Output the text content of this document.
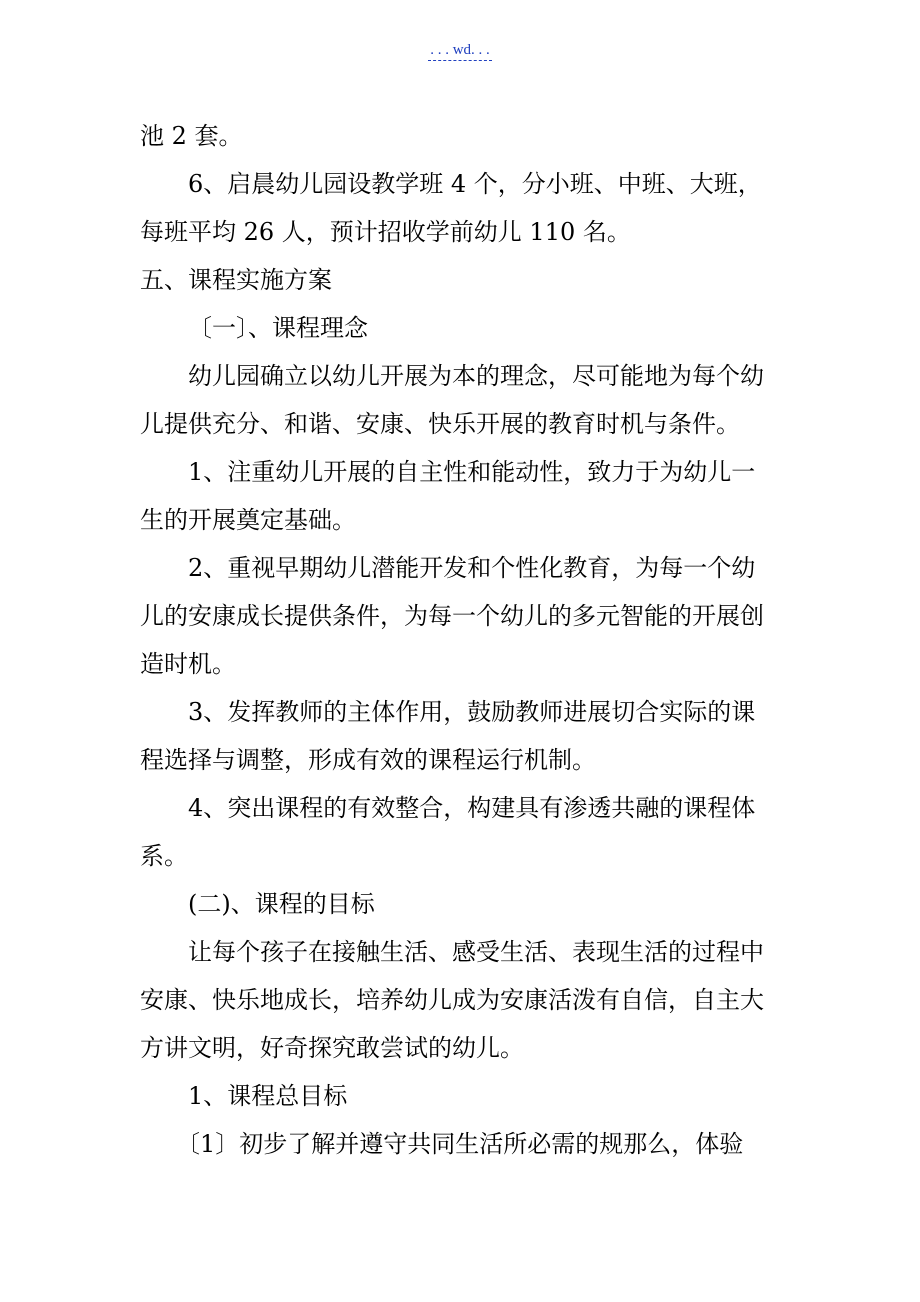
. . . wd. . .
池 2 套。
6、启晨幼儿园设教学班 4 个，分小班、中班、大班，
每班平均 26 人，预计招收学前幼儿 110 名。
五、课程实施方案
〔一〕、课程理念
幼儿园确立以幼儿开展为本的理念，尽可能地为每个幼
儿提供充分、和谐、安康、快乐开展的教育时机与条件。
1、注重幼儿开展的自主性和能动性，致力于为幼儿一
生的开展奠定基础。
2、重视早期幼儿潜能开发和个性化教育，为每一个幼
儿的安康成长提供条件，为每一个幼儿的多元智能的开展创
造时机。
3、发挥教师的主体作用，鼓励教师进展切合实际的课
程选择与调整，形成有效的课程运行机制。
4、突出课程的有效整合，构建具有渗透共融的课程体
系。
(二)、课程的目标
让每个孩子在接触生活、感受生活、表现生活的过程中
安康、快乐地成长，培养幼儿成为安康活泼有自信，自主大
方讲文明，好奇探究敢尝试的幼儿。
1、课程总目标
〔1〕初步了解并遵守共同生活所必需的规那么，体验
